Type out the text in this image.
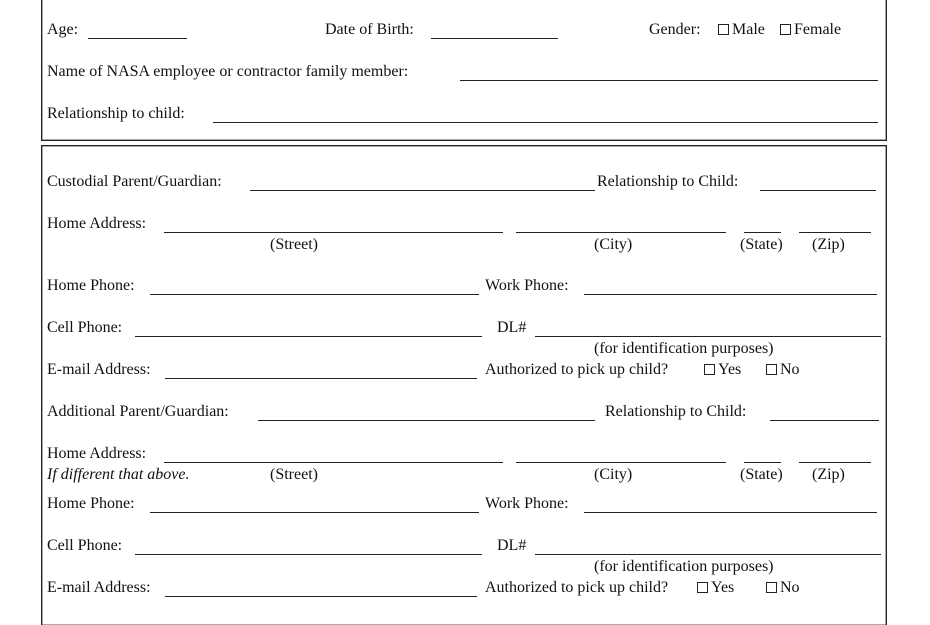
Age:	Date of Birth:	Gender:	Male	Female
Name of NASA employee or contractor family member:
Relationship to child:
Custodial Parent/Guardian:	Relationship to Child:
Home Address:
(Street)	(City)	(State) (Zip)
Home Phone:	Work Phone:
Cell Phone:	DL#
(for identification purposes)
E-mail Address:	Authorized to pick up child?	Yes	No
Additional Parent/Guardian:	Relationship to Child:
Home Address:
If different that above.	(Street)	(City)	(State) (Zip)
Home Phone:	Work Phone:
Cell Phone:	DL#
(for identification purposes)
E-mail Address:	Authorized to pick up child?	Yes	No
